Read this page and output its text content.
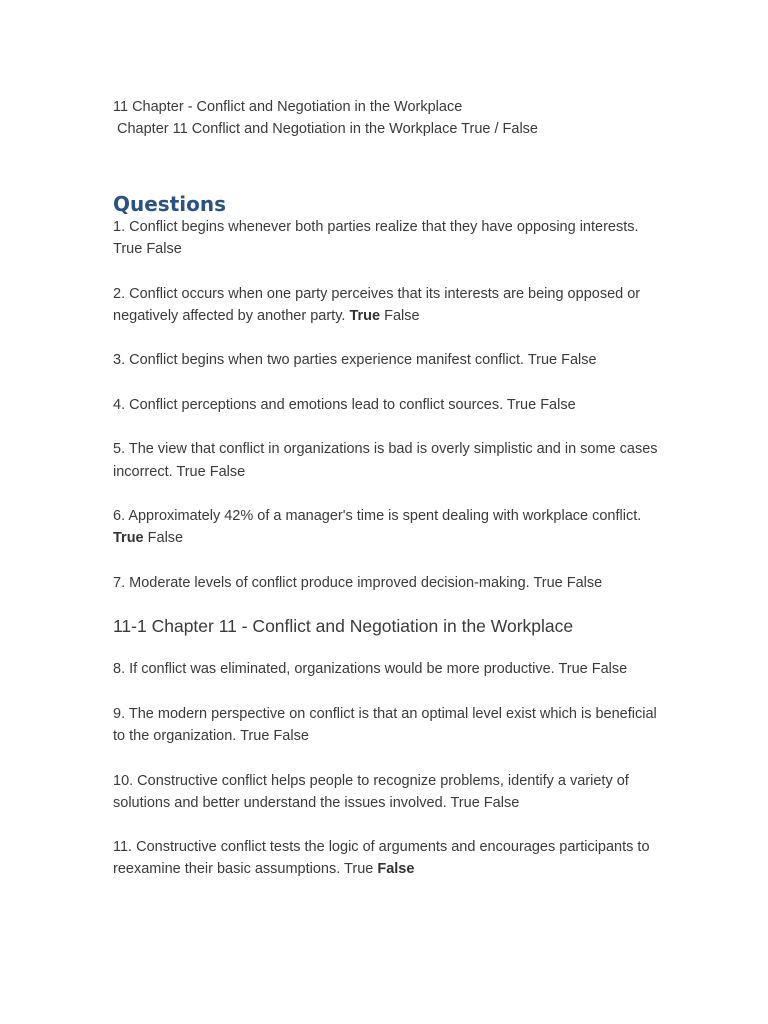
11 Chapter - Conflict and Negotiation in the Workplace

Chapter 11 Conflict and Negotiation in the Workplace True / False

Questions

1. Conflict begins whenever both parties realize that they have opposing interests. True False

2. Conflict occurs when one party perceives that its interests are being opposed or negatively affected by another party. True False

3. Conflict begins when two parties experience manifest conflict. True False

4. Conflict perceptions and emotions lead to conflict sources. True False

5. The view that conflict in organizations is bad is overly simplistic and in some cases incorrect. True False

6. Approximately 42% of a manager's time is spent dealing with workplace conflict. True False

7. Moderate levels of conflict produce improved decision-making. True False

11-1 Chapter 11 - Conflict and Negotiation in the Workplace

8. If conflict was eliminated, organizations would be more productive. True False

9. The modern perspective on conflict is that an optimal level exist which is beneficial to the organization. True False

10. Constructive conflict helps people to recognize problems, identify a variety of solutions and better understand the issues involved. True False

11. Constructive conflict tests the logic of arguments and encourages participants to reexamine their basic assumptions. True False
